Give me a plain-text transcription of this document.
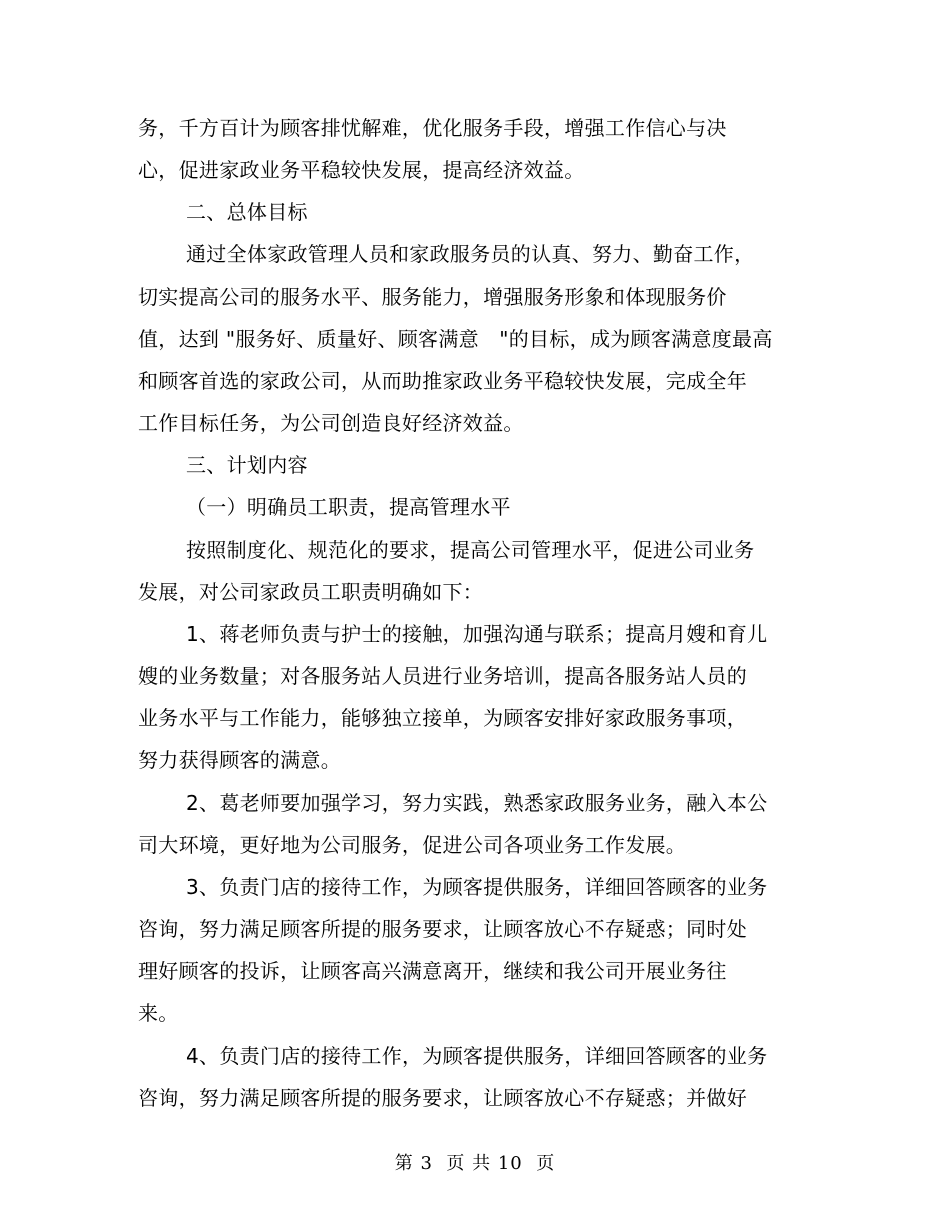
务，千方百计为顾客排忧解难，优化服务手段，增强工作信心与决
心，促进家政业务平稳较快发展，提高经济效益。
二、总体目标
通过全体家政管理人员和家政服务员的认真、努力、勤奋工作，
切实提高公司的服务水平、服务能力，增强服务形象和体现服务价
值，达到 "服务好、质量好、顾客满意　"的目标，成为顾客满意度最高
和顾客首选的家政公司，从而助推家政业务平稳较快发展，完成全年
工作目标任务，为公司创造良好经济效益。
三、计划内容
（一）明确员工职责，提高管理水平
按照制度化、规范化的要求，提高公司管理水平，促进公司业务
发展，对公司家政员工职责明确如下：
1、蒋老师负责与护士的接触，加强沟通与联系；提高月嫂和育儿
嫂的业务数量；对各服务站人员进行业务培训，提高各服务站人员的
业务水平与工作能力，能够独立接单，为顾客安排好家政服务事项，
努力获得顾客的满意。
2、葛老师要加强学习，努力实践，熟悉家政服务业务，融入本公
司大环境，更好地为公司服务，促进公司各项业务工作发展。
3、负责门店的接待工作，为顾客提供服务，详细回答顾客的业务
咨询，努力满足顾客所提的服务要求，让顾客放心不存疑惑；同时处
理好顾客的投诉，让顾客高兴满意离开，继续和我公司开展业务往
来。
4、负责门店的接待工作，为顾客提供服务，详细回答顾客的业务
咨询，努力满足顾客所提的服务要求，让顾客放心不存疑惑；并做好
第 3  页 共 10  页
